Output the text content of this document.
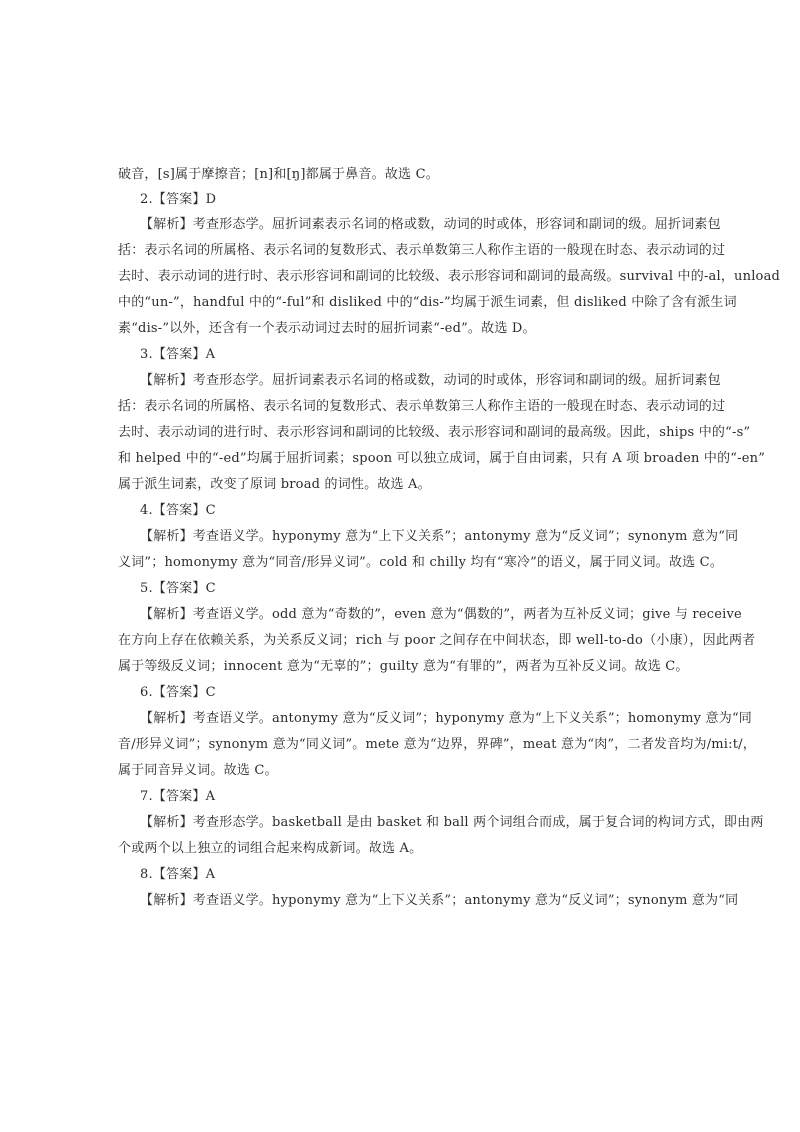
破音，[s]属于摩擦音；[n]和[ŋ]都属于鼻音。故选 C。
2.【答案】D
【解析】考查形态学。屈折词素表示名词的格或数，动词的时或体，形容词和副词的级。屈折词素包
括：表示名词的所属格、表示名词的复数形式、表示单数第三人称作主语的一般现在时态、表示动词的过
去时、表示动词的进行时、表示形容词和副词的比较级、表示形容词和副词的最高级。survival 中的-al，unload
中的“un-”，handful 中的“-ful”和 disliked 中的“dis-”均属于派生词素，但 disliked 中除了含有派生词
素“dis-”以外，还含有一个表示动词过去时的屈折词素“-ed”。故选 D。
3.【答案】A
【解析】考查形态学。屈折词素表示名词的格或数，动词的时或体，形容词和副词的级。屈折词素包
括：表示名词的所属格、表示名词的复数形式、表示单数第三人称作主语的一般现在时态、表示动词的过
去时、表示动词的进行时、表示形容词和副词的比较级、表示形容词和副词的最高级。因此，ships 中的“-s”
和 helped 中的“-ed”均属于屈折词素；spoon 可以独立成词，属于自由词素，只有 A 项 broaden 中的“-en”
属于派生词素，改变了原词 broad 的词性。故选 A。
4.【答案】C
【解析】考查语义学。hyponymy 意为“上下义关系”；antonymy 意为“反义词”；synonym 意为“同
义词”；homonymy 意为“同音/形异义词”。cold 和 chilly 均有“寒冷”的语义，属于同义词。故选 C。
5.【答案】C
【解析】考查语义学。odd 意为“奇数的”，even 意为“偶数的”，两者为互补反义词；give 与 receive
在方向上存在依赖关系，为关系反义词；rich 与 poor 之间存在中间状态，即 well-to-do（小康），因此两者
属于等级反义词；innocent 意为“无辜的”；guilty 意为“有罪的”，两者为互补反义词。故选 C。
6.【答案】C
【解析】考查语义学。antonymy 意为“反义词”；hyponymy 意为“上下义关系”；homonymy 意为“同
音/形异义词”；synonym 意为“同义词”。mete 意为“边界，界碑”，meat 意为“肉”，二者发音均为/mi:t/，
属于同音异义词。故选 C。
7.【答案】A
【解析】考查形态学。basketball 是由 basket 和 ball 两个词组合而成，属于复合词的构词方式，即由两
个或两个以上独立的词组合起来构成新词。故选 A。
8.【答案】A
【解析】考查语义学。hyponymy 意为“上下义关系”；antonymy 意为“反义词”；synonym 意为“同
